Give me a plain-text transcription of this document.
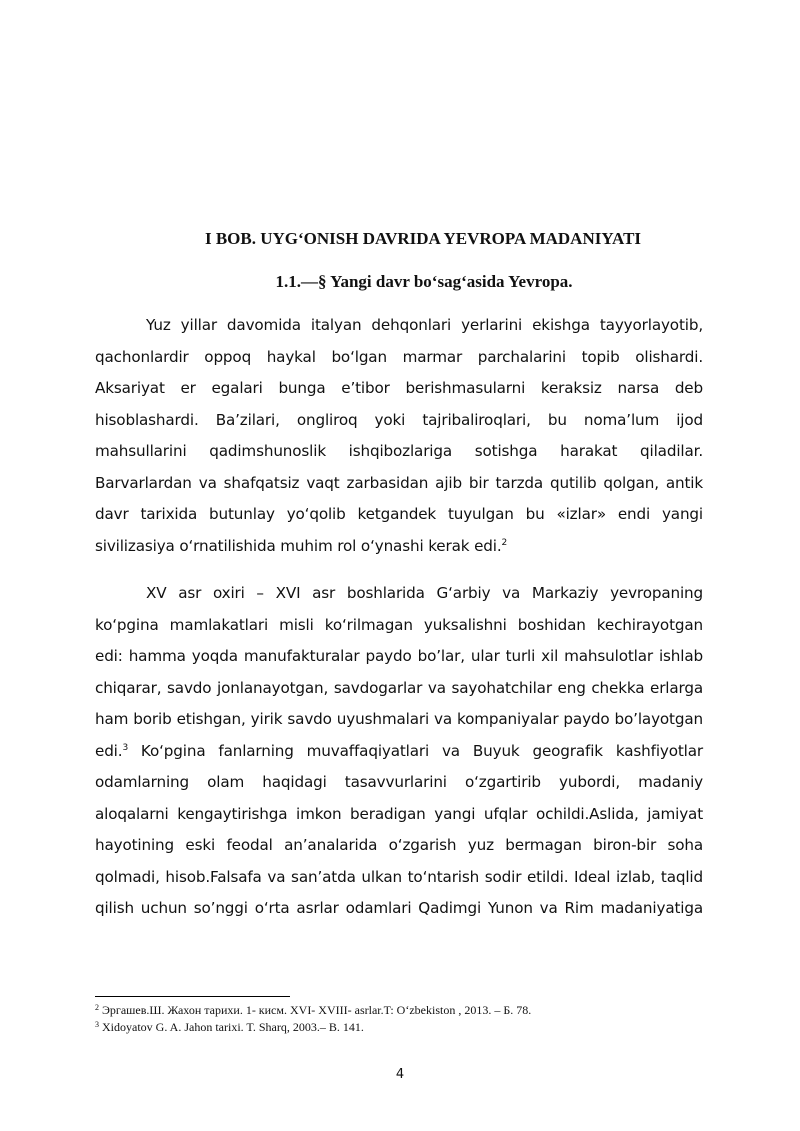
I BOB. UYG‘ONISH DAVRIDA YEVROPA MADANIYATI
1.1.—§ Yangi davr bo‘sag‘asida Yevropa.
Yuz yillar davomida italyan dehqonlari yerlarini ekishga tayyorlayotib,
qachonlardir oppoq haykal bo‘lgan marmar parchalarini topib olishardi.
Aksariyat er egalari bunga e’tibor berishmasularni keraksiz narsa deb
hisoblashardi. Ba’zilari, ongliroq yoki tajribaliroqlari, bu noma’lum ijod
mahsullarini qadimshunoslik ishqibozlariga sotishga harakat qiladilar.
Barvarlardan va shafqatsiz vaqt zarbasidan ajib bir tarzda qutilib qolgan, antik
davr tarixida butunlay yo‘qolib ketgandek tuyulgan bu «izlar» endi yangi
sivilizasiya o‘rnatilishida muhim rol o‘ynashi kerak edi.$^2$
XV asr oxiri – XVI asr boshlarida G‘arbiy va Markaziy yevropaning
ko‘pgina mamlakatlari misli ko‘rilmagan yuksalishni boshidan kechirayotgan
edi: hamma yoqda manufakturalar paydo bo’lar, ular turli xil mahsulotlar ishlab
chiqarar, savdo jonlanayotgan, savdogarlar va sayohatchilar eng chekka erlarga
ham borib etishgan, yirik savdo uyushmalari va kompaniyalar paydo bo’layotgan
edi.$^3$ Ko‘pgina fanlarning muvaffaqiyatlari va Buyuk geografik kashfiyotlar
odamlarning olam haqidagi tasavvurlarini o‘zgartirib yubordi, madaniy
aloqalarni kengaytirishga imkon beradigan yangi ufqlar ochildi.Aslida, jamiyat
hayotining eski feodal an’analarida o‘zgarish yuz bermagan biron-bir soha
qolmadi, hisob.Falsafa va san’atda ulkan to‘ntarish sodir etildi. Ideal izlab, taqlid
qilish uchun so’nggi o‘rta asrlar odamlari Qadimgi Yunon va Rim madaniyatiga
$^2$ Эргашев.Ш. Жахон тарихи. 1- кисм. XVI- XVIII- asrlar.T: O‘zbekiston , 2013. – Б. 78.
$^3$ Xidoyatov G. A. Jahon tarixi. T. Sharq, 2003.– B. 141.
4
